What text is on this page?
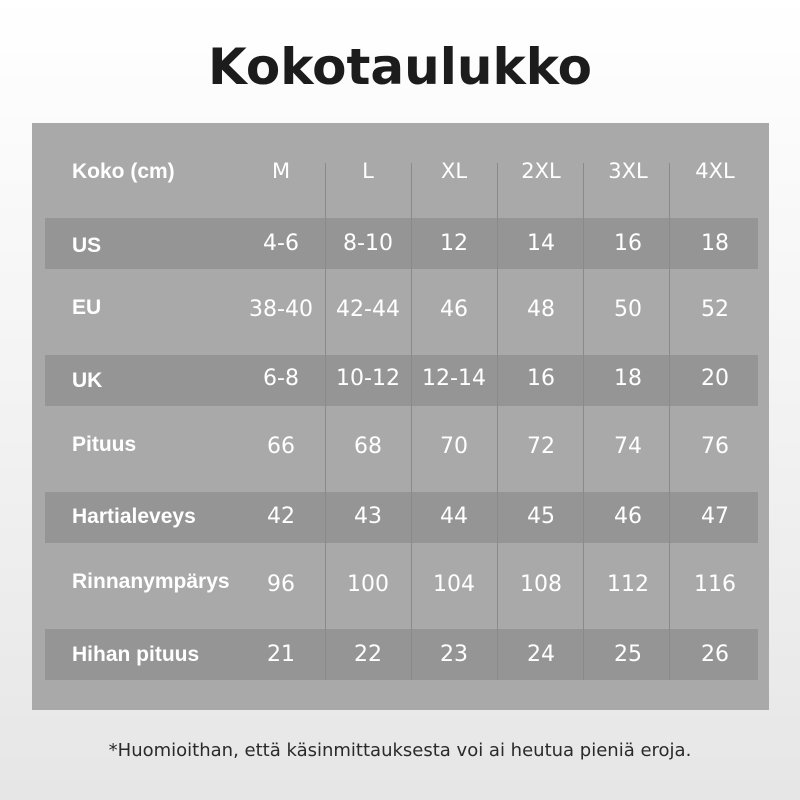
Kokotaulukko
Koko (cm)	M	L	XL	2XL	3XL	4XL
US	4-6	8-10	12	14	16	18
EU	38-40	42-44	46	48	50	52
UK	6-8	10-12	12-14	16	18	20
Pituus	66	68	70	72	74	76
Hartialeveys	42	43	44	45	46	47
Rinnanympärys	96	100	104	108	112	116
Hihan pituus	21	22	23	24	25	26
*Huomioithan, että käsinmittauksesta voi ai heutua pieniä eroja.
